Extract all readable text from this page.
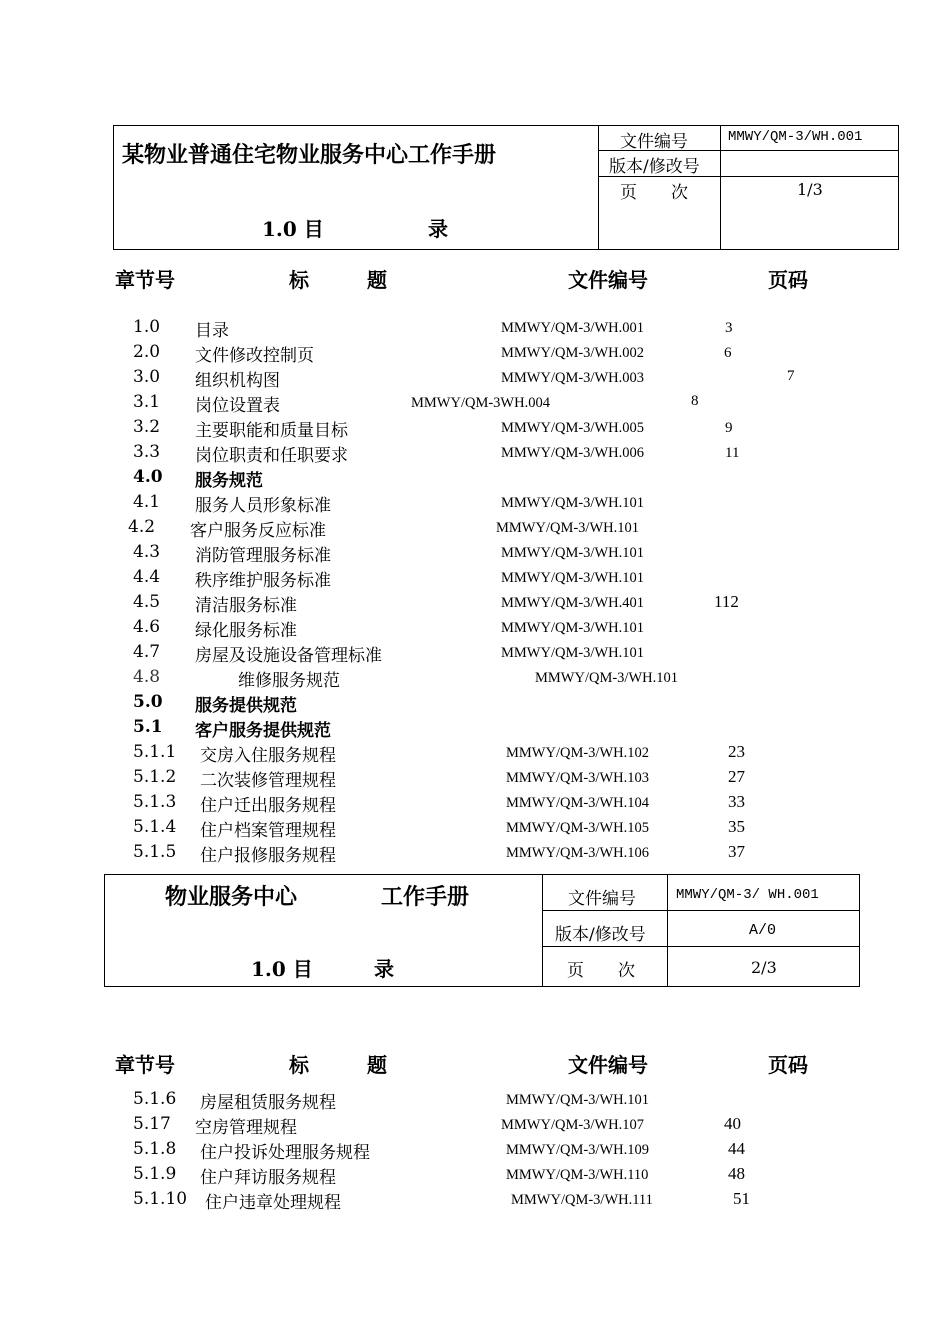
某物业普通住宅物业服务中心工作手册
1.0 目	录
文件编号	MMWY/QM-3/WH.001
版本/修改号
页　　次	1/3
章节号	标	题	文件编号	页码
1.0 目录	MMWY/QM-3/WH.001	3
2.0 文件修改控制页	MMWY/QM-3/WH.002	6
3.0 组织机构图	MMWY/QM-3/WH.003	7
3.1 岗位设置表	MMWY/QM-3WH.004	8
3.2 主要职能和质量目标	MMWY/QM-3/WH.005	9
3.3 岗位职责和任职要求	MMWY/QM-3/WH.006	11
4.0 服务规范
4.1 服务人员形象标准	MMWY/QM-3/WH.101
4.2 客户服务反应标准	MMWY/QM-3/WH.101
4.3 消防管理服务标准	MMWY/QM-3/WH.101
4.4 秩序维护服务标准	MMWY/QM-3/WH.101
4.5 清洁服务标准	MMWY/QM-3/WH.401	112
4.6 绿化服务标准	MMWY/QM-3/WH.101
4.7 房屋及设施设备管理标准	MMWY/QM-3/WH.101
4.8	维修服务规范	MMWY/QM-3/WH.101
5.0 服务提供规范
5.1 客户服务提供规范
5.1.1 交房入住服务规程	MMWY/QM-3/WH.102	23
5.1.2 二次装修管理规程	MMWY/QM-3/WH.103	27
5.1.3 住户迁出服务规程	MMWY/QM-3/WH.104	33
5.1.4 住户档案管理规程	MMWY/QM-3/WH.105	35
5.1.5 住户报修服务规程	MMWY/QM-3/WH.106	37
物业服务中心	工作手册
1.0 目	录
文件编号	MMWY/QM-3/ WH.001
版本/修改号	A/0
页　　次	2/3
章节号	标	题	文件编号	页码
5.1.6 房屋租赁服务规程	MMWY/QM-3/WH.101
5.17 空房管理规程	MMWY/QM-3/WH.107	40
5.1.8 住户投诉处理服务规程	MMWY/QM-3/WH.109	44
5.1.9 住户拜访服务规程	MMWY/QM-3/WH.110	48
5.1.10 住户违章处理规程	MMWY/QM-3/WH.111	51
